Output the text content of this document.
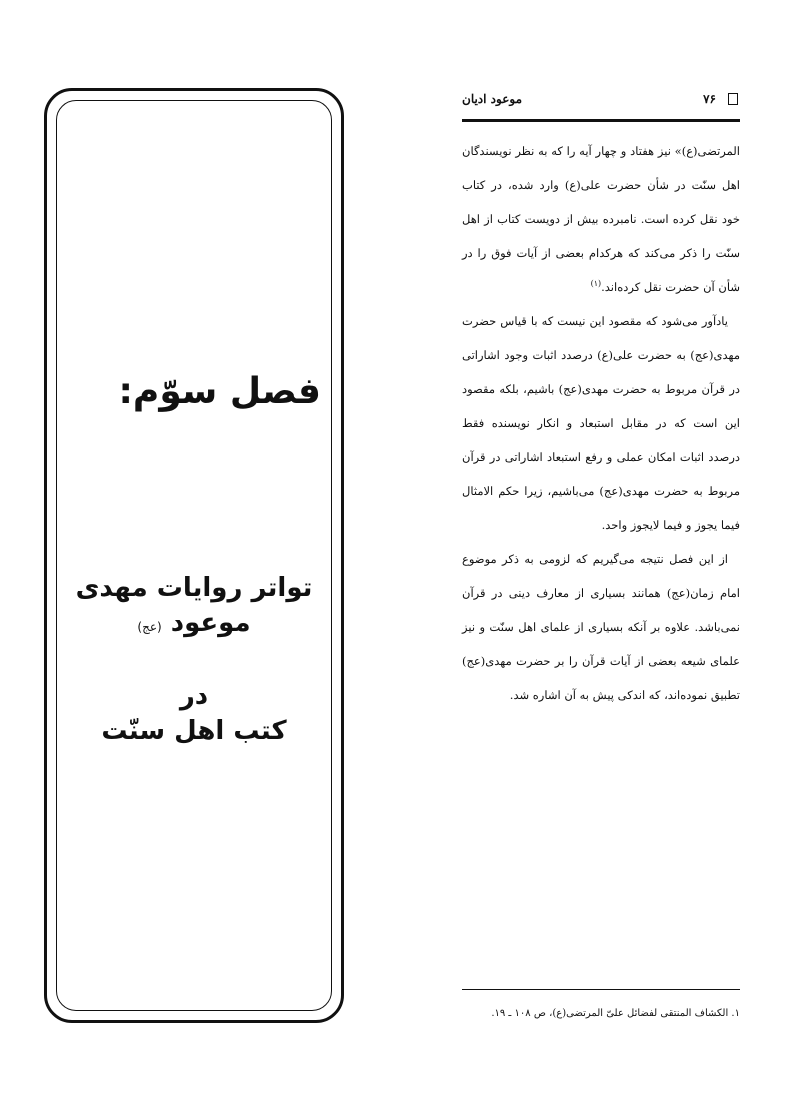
فصل سوّم:
تواتر روایات مهدی موعود (عج)
در
کتب اهل سنّت
موعود ادیان	۷۶

المرتضی(ع)» نیز هفتاد و چهار آیه را که به نظر نویسندگان اهل سنّت در شأن حضرت علی(ع) وارد شده، در کتاب خود نقل کرده است. نامبرده بیش از دویست کتاب از اهل سنّت را ذکر می‌کند که هرکدام بعضی از آیات فوق را در شأن آن حضرت نقل کرده‌اند.$^{(۱)}$

یادآور می‌شود که مقصود این نیست که با قیاس حضرت مهدی(عج) به حضرت علی(ع) درصدد اثبات وجود اشاراتی در قرآن مربوط به حضرت مهدی(عج) باشیم، بلکه مقصود این است که در مقابل استبعاد و انکار نویسنده فقط درصدد اثبات امکان عملی و رفع استبعاد اشاراتی در قرآن مربوط به حضرت مهدی(عج) می‌باشیم، زیرا حکم الامثال فیما یجوز و فیما لایجوز واحد.

از این فصل نتیجه می‌گیریم که لزومی به ذکر موضوع امام زمان(عج) همانند بسیاری از معارف دینی در قرآن نمی‌باشد. علاوه بر آنکه بسیاری از علمای اهل سنّت و نیز علمای شیعه بعضی از آیات قرآن را بر حضرت مهدی(عج) تطبیق نموده‌اند، که اندکی پیش به آن اشاره شد.

۱. الکشاف المنتقی لفضائل علیّ المرتضی(ع)، ص ۱۰۸ ـ ۱۹.
